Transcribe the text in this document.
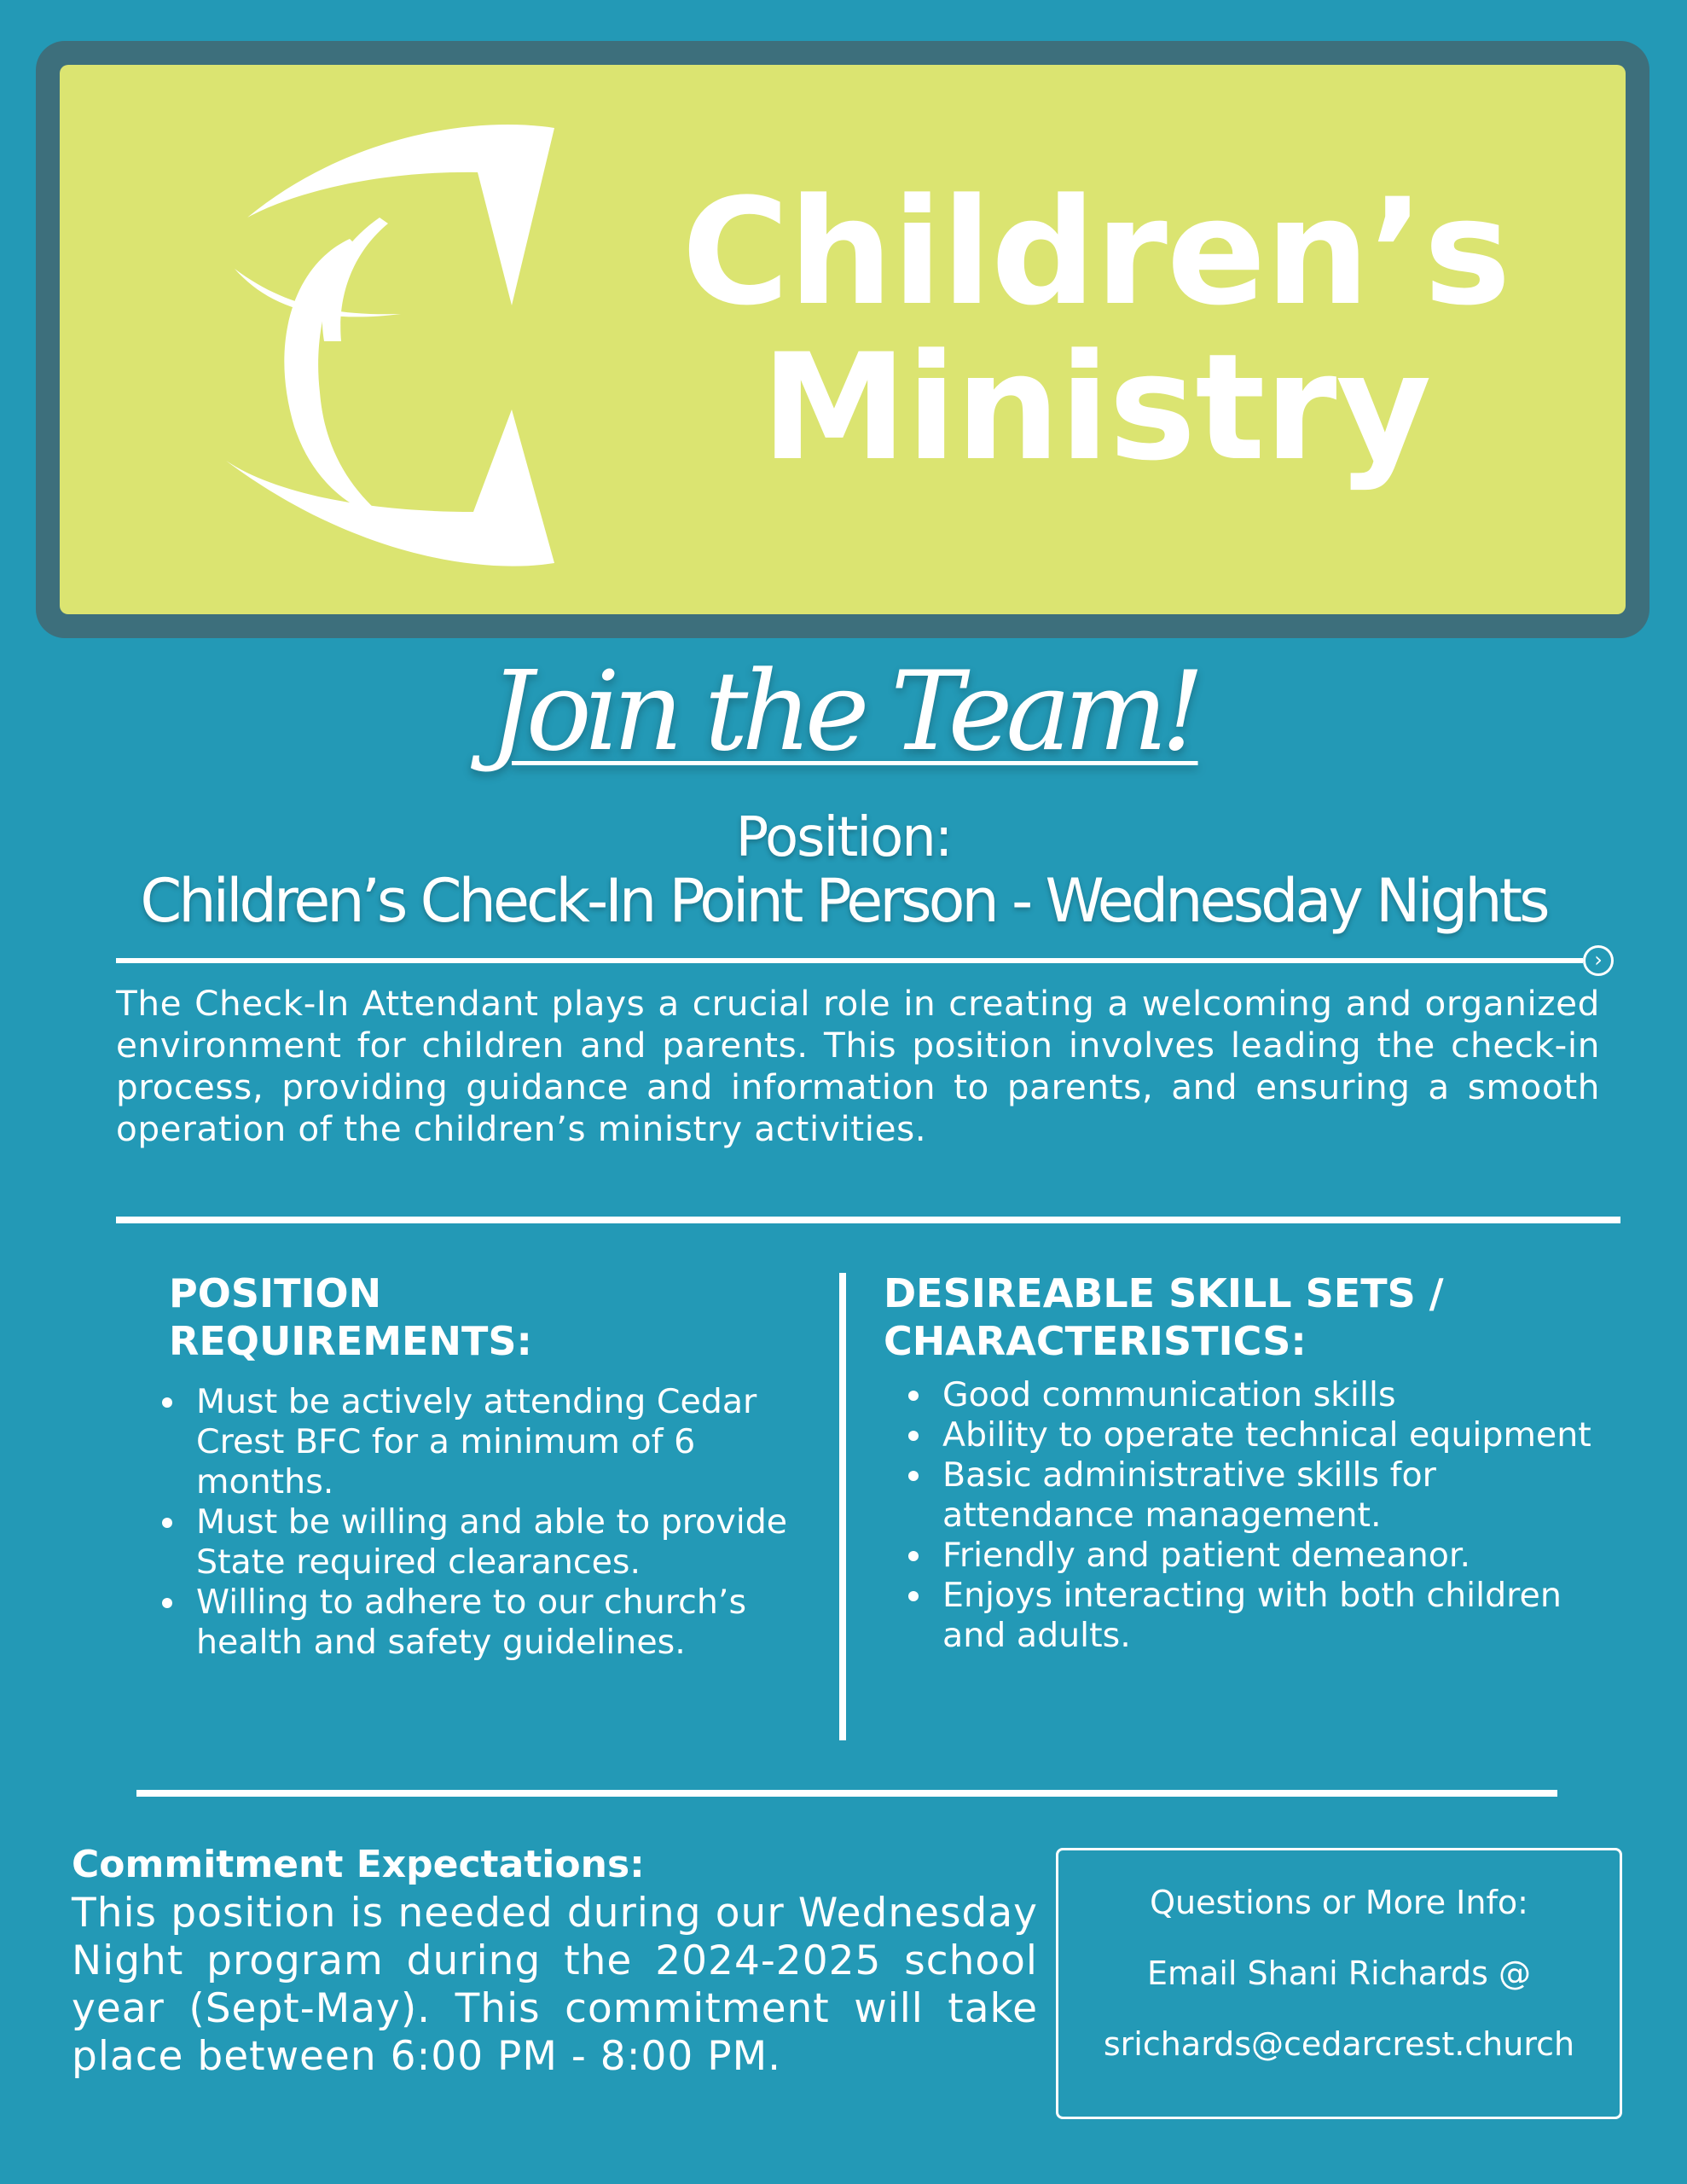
Children’s
Ministry
Join the Team!
Position:
Children’s Check-In Point Person - Wednesday Nights
›
The Check-In Attendant plays a crucial role in creating a welcoming and organized environment for children and parents. This position involves leading the check-in process, providing guidance and information to parents, and ensuring a smooth operation of the children’s ministry activities.
POSITION
REQUIREMENTS:
Must be actively attending Cedar Crest BFC for a minimum of 6 months.
Must be willing and able to provide State required clearances.
Willing to adhere to our church’s health and safety guidelines.
DESIREABLE SKILL SETS /
CHARACTERISTICS:
Good communication skills
Ability to operate technical equipment
Basic administrative skills for attendance management.
Friendly and patient demeanor.
Enjoys interacting with both children and adults.
Commitment Expectations:
This position is needed during our Wednesday Night program during the 2024-2025 school year (Sept-May). This commitment will take place between 6:00 PM - 8:00 PM.
Questions or More Info:
Email Shani Richards @
srichards@cedarcrest.church
